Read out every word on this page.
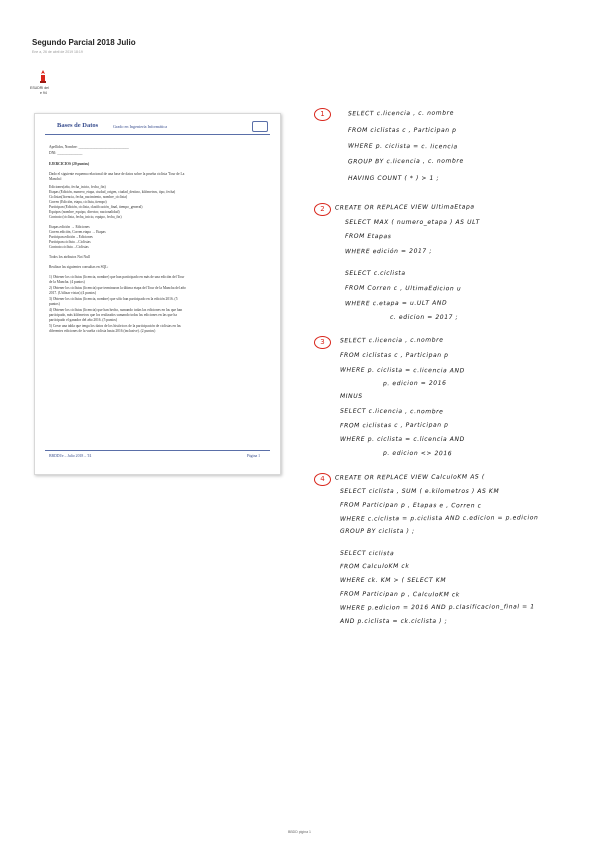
Segundo Parcial 2018 Julio
Ene a, 26 de abril de 2019 18:19
ESUDRI del
e 94
Bases de Datos	Grado en Ingeniería Informática
Apellidos, Nombre: ____________________________
DNI: ______________
EJERCICIOS (20 puntos)
Dado el siguiente esquema relacional de una base de datos sobre la prueba ciclista 'Tour de La
Mancha':
Ediciones(año, fecha_inicio, fecha_fin)
Etapas (Edición, numero_etapa, ciudad_origen, ciudad_destino, kilómetros, tipo, fecha)
Ciclistas(licencia, fecha_nacimiento, nombre_ciclista)
Corren (Edición, etapa, ciclista, tiempo)
Participan (Edición, ciclista, clasificación_final, tiempo_general)
Equipos (nombre_equipo, director, nacionalidad)
Contrato (ciclista, fecha_inicio, equipo, fecha_fin)
Etapas.edición → Ediciones
Corren.edición, Corren.etapa → Etapas
Participan.edición→Ediciones
Participan.ciclista→Ciclistas
Contrato.ciclista→Ciclistas
Todos los atributos Not Null
Realizar las siguientes consultas en SQL:
1) Obtener los ciclistas (licencia, nombre) que han participado en más de una edición del Tour
de la Mancha. (4 puntos)
2) Obtener los ciclistas (licencia) que terminaron la última etapa del Tour de la Mancha del año
2017. (Utilizar vistas) (4 puntos)
3) Obtener los ciclistas (licencia, nombre) que sólo han participado en la edición 2016. (5
puntos)
4) Obtener los ciclistas (licencia) que han hecho, sumando todas las ediciones en las que han
participado, más kilómetros que los realizados sumando todas las ediciones en las que ha
participado el ganador del año 2016. (5 puntos)
5) Crear una tabla que tenga los datos de los históricos de la participación de ciclistas en las
diferentes ediciones de la vuelta ciclista hasta 2016 (inclusive). (2 puntos)
BBDDI/e – Julio 2018 – T4	Página 1
1	SELECT c.licencia , c. nombre
FROM ciclistas c , Participan p
WHERE p. ciclista = c. licencia
GROUP BY c.licencia , c. nombre
HAVING COUNT ( * ) > 1 ;
2	CREATE OR REPLACE VIEW UltimaEtapa
SELECT MAX ( numero_etapa ) AS ULT
FROM Etapas
WHERE edición = 2017 ;
SELECT c.ciclista
FROM Corren c , UltimaEdicion u
WHERE c.etapa = u.ULT AND
c. edicion = 2017 ;
3	SELECT c.licencia , c.nombre
FROM ciclistas c , Participan p
WHERE p. ciclista = c.licencia AND
p. edicion = 2016
MINUS
SELECT c.licencia , c.nombre
FROM ciclistas c , Participan p
WHERE p. ciclista = c.licencia AND
p. edicion <> 2016
4	CREATE OR REPLACE VIEW CalculoKM AS (
SELECT ciclista , SUM ( e.kilometros ) AS KM
FROM Participan p , Etapas e , Corren c
WHERE c.ciclista = p.ciclista AND c.edicion = p.edicion
GROUP BY ciclista ) ;
SELECT ciclista
FROM CalculoKM ck
WHERE ck. KM > ( SELECT KM
FROM Participan p , CalculoKM ck
WHERE p.edicion = 2016 AND p.clasificacion_final = 1
AND p.ciclista = ck.ciclista ) ;
BBDD pigina 1
